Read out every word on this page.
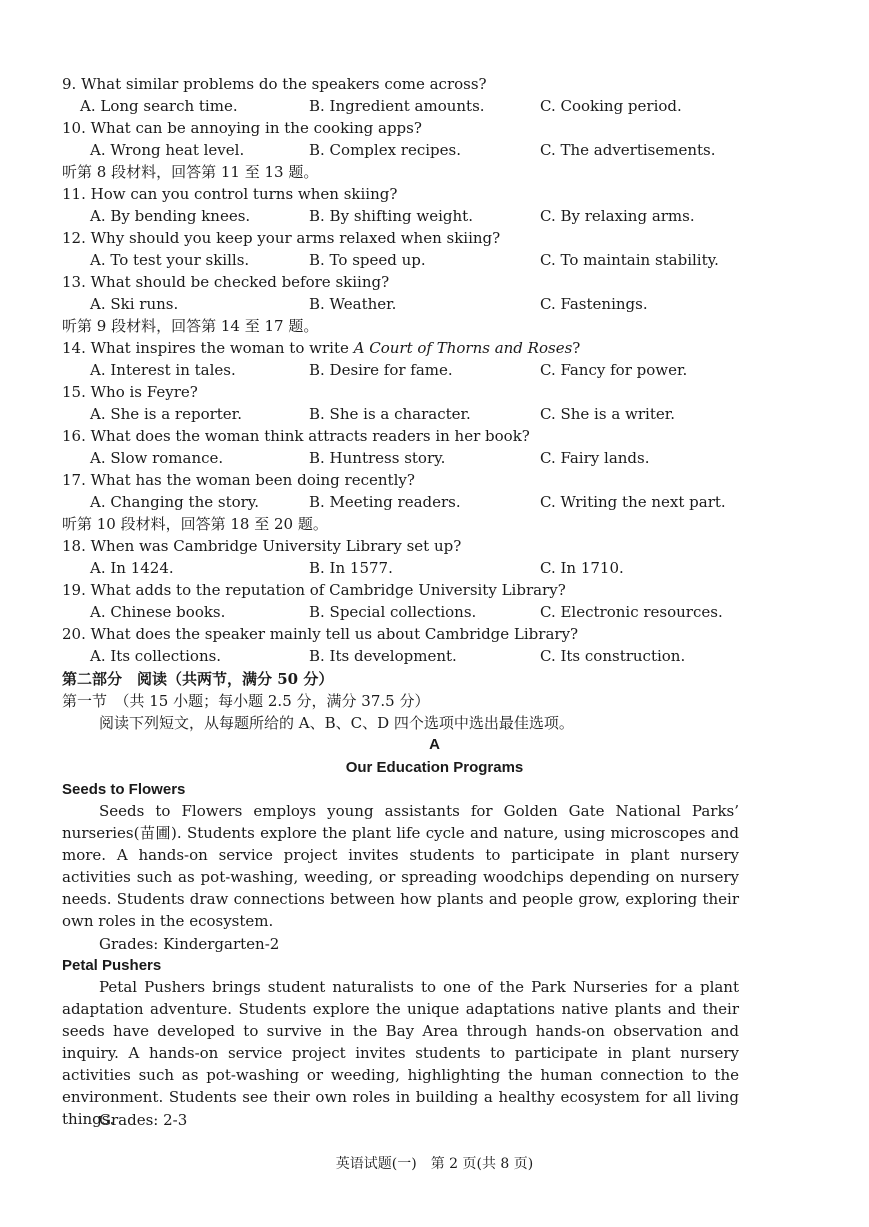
9. What similar problems do the speakers come across?
A. Long search time.	B. Ingredient amounts.	C. Cooking period.
10. What can be annoying in the cooking apps?
A. Wrong heat level.	B. Complex recipes.	C. The advertisements.
听第 8 段材料，回答第 11 至 13 题。
11. How can you control turns when skiing?
A. By bending knees.	B. By shifting weight.	C. By relaxing arms.
12. Why should you keep your arms relaxed when skiing?
A. To test your skills.	B. To speed up.	C. To maintain stability.
13. What should be checked before skiing?
A. Ski runs.	B. Weather.	C. Fastenings.
听第 9 段材料，回答第 14 至 17 题。
14. What inspires the woman to write A Court of Thorns and Roses?
A. Interest in tales.	B. Desire for fame.	C. Fancy for power.
15. Who is Feyre?
A. She is a reporter.	B. She is a character.	C. She is a writer.
16. What does the woman think attracts readers in her book?
A. Slow romance.	B. Huntress story.	C. Fairy lands.
17. What has the woman been doing recently?
A. Changing the story.	B. Meeting readers.	C. Writing the next part.
听第 10 段材料，回答第 18 至 20 题。
18. When was Cambridge University Library set up?
A. In 1424.	B. In 1577.	C. In 1710.
19. What adds to the reputation of Cambridge University Library?
A. Chinese books.	B. Special collections.	C. Electronic resources.
20. What does the speaker mainly tell us about Cambridge Library?
A. Its collections.	B. Its development.	C. Its construction.
第二部分　阅读（共两节，满分 50 分）
第一节　（共 15 小题；每小题 2.5 分，满分 37.5 分）
阅读下列短文，从每题所给的 A、B、C、D 四个选项中选出最佳选项。
A
Our Education Programs
Seeds to Flowers
Seeds to Flowers employs young assistants for Golden Gate National Parks’ nurseries(苗圃). Students explore the plant life cycle and nature, using microscopes and more. A hands-on service project invites students to participate in plant nursery activities such as pot-washing, weeding, or spreading woodchips depending on nursery needs. Students draw connections between how plants and people grow, exploring their own roles in the ecosystem.
Grades: Kindergarten-2
Petal Pushers
Petal Pushers brings student naturalists to one of the Park Nurseries for a plant adaptation adventure. Students explore the unique adaptations native plants and their seeds have developed to survive in the Bay Area through hands-on observation and inquiry. A hands-on service project invites students to participate in plant nursery activities such as pot-washing or weeding, highlighting the human connection to the environment. Students see their own roles in building a healthy ecosystem for all living things.
Grades: 2-3
英语试题(一)　第 2 页(共 8 页)
